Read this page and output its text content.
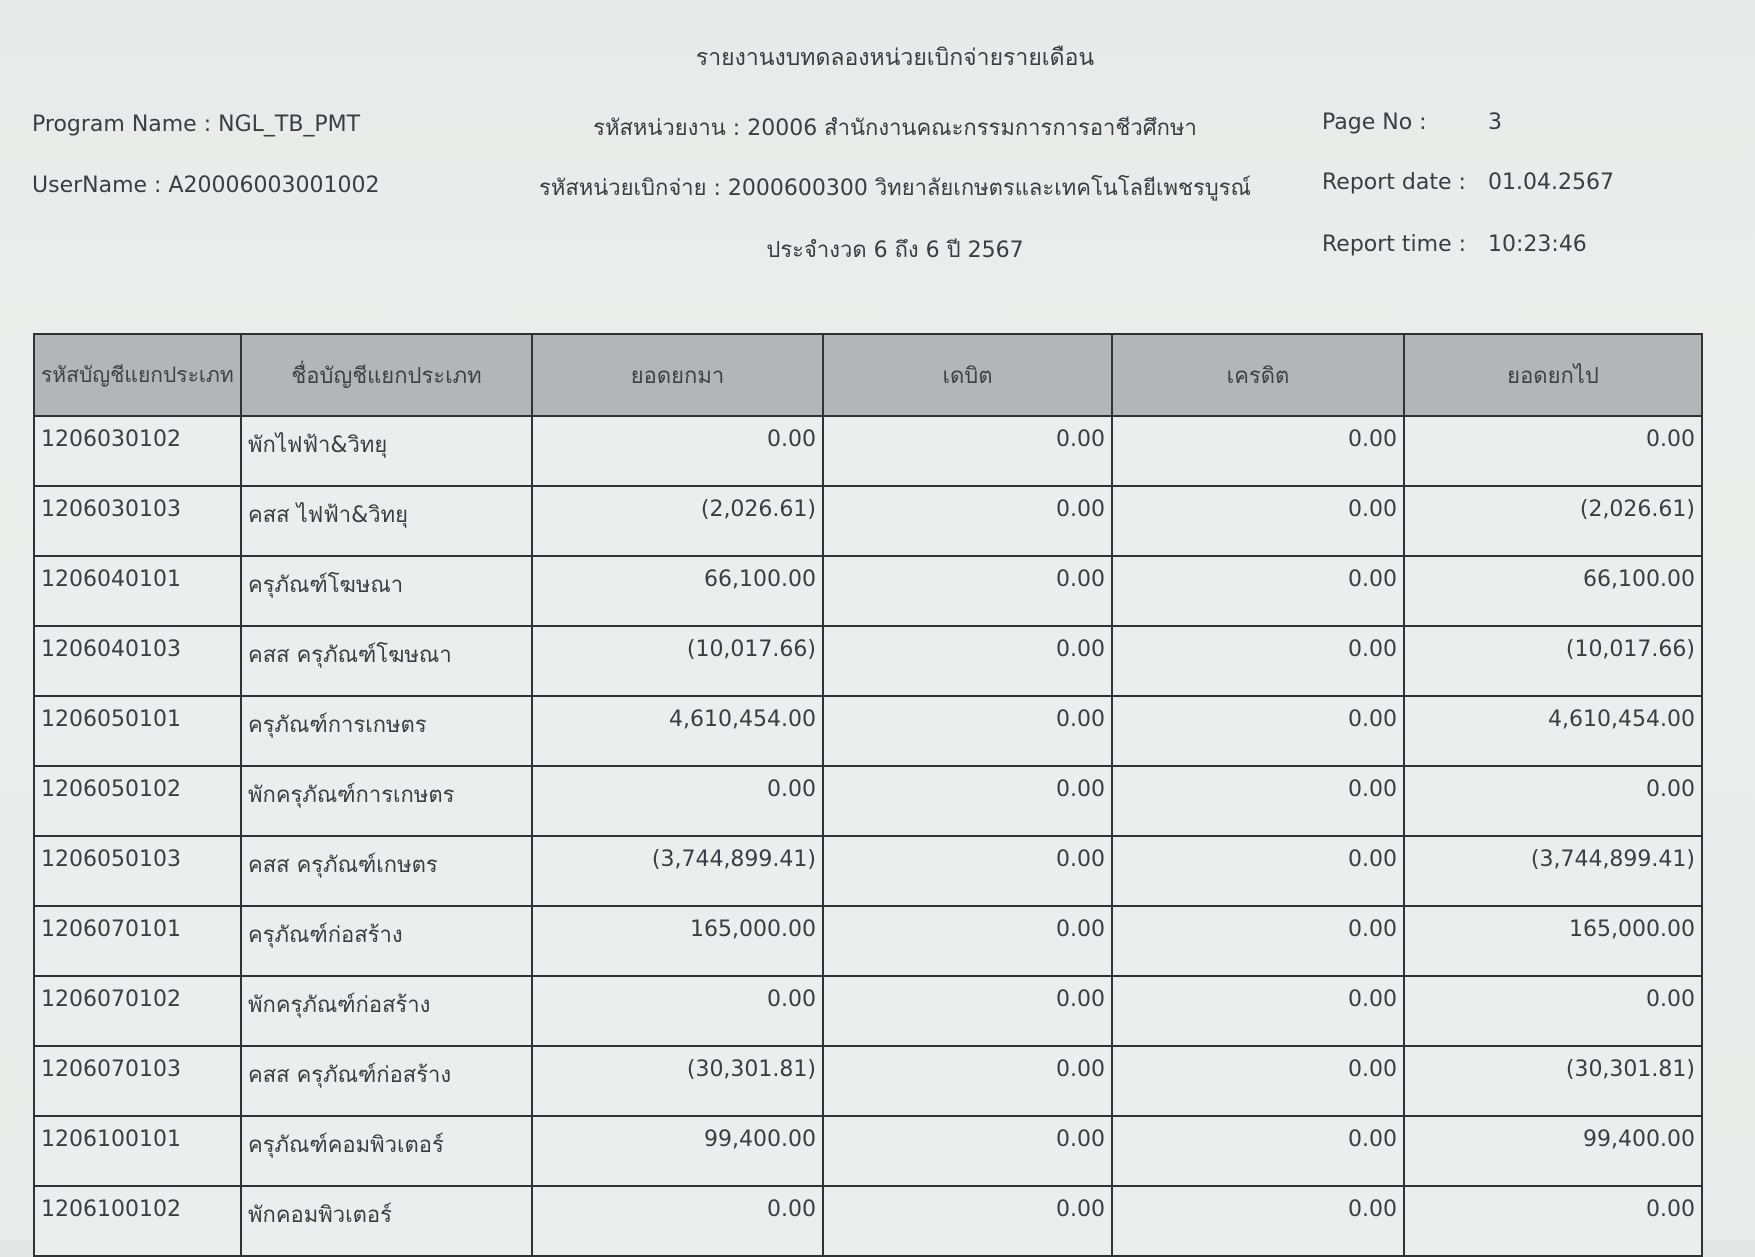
รายงานงบทดลองหน่วยเบิกจ่ายรายเดือน
Program Name : NGL_TB_PMT
UserName : A20006003001002
รหัสหน่วยงาน : 20006 สำนักงานคณะกรรมการการอาชีวศึกษา
รหัสหน่วยเบิกจ่าย : 2000600300 วิทยาลัยเกษตรและเทคโนโลยีเพชรบูรณ์
ประจำงวด 6 ถึง 6 ปี 2567
Page No :	3
Report date : 01.04.2567
Report time : 10:23:46
รหัสบัญชีแยกประเภท	ชื่อบัญชีแยกประเภท	ยอดยกมา	เดบิต	เครดิต	ยอดยกไป
1206030102	พักไฟฟ้า&วิทยุ	0.00	0.00	0.00	0.00
1206030103	คสส ไฟฟ้า&วิทยุ	(2,026.61)	0.00	0.00	(2,026.61)
1206040101	ครุภัณฑ์โฆษณา	66,100.00	0.00	0.00	66,100.00
1206040103	คสส ครุภัณฑ์โฆษณา	(10,017.66)	0.00	0.00	(10,017.66)
1206050101	ครุภัณฑ์การเกษตร	4,610,454.00	0.00	0.00	4,610,454.00
1206050102	พักครุภัณฑ์การเกษตร	0.00	0.00	0.00	0.00
1206050103	คสส ครุภัณฑ์เกษตร	(3,744,899.41)	0.00	0.00	(3,744,899.41)
1206070101	ครุภัณฑ์ก่อสร้าง	165,000.00	0.00	0.00	165,000.00
1206070102	พักครุภัณฑ์ก่อสร้าง	0.00	0.00	0.00	0.00
1206070103	คสส ครุภัณฑ์ก่อสร้าง	(30,301.81)	0.00	0.00	(30,301.81)
1206100101	ครุภัณฑ์คอมพิวเตอร์	99,400.00	0.00	0.00	99,400.00
1206100102	พักคอมพิวเตอร์	0.00	0.00	0.00	0.00
